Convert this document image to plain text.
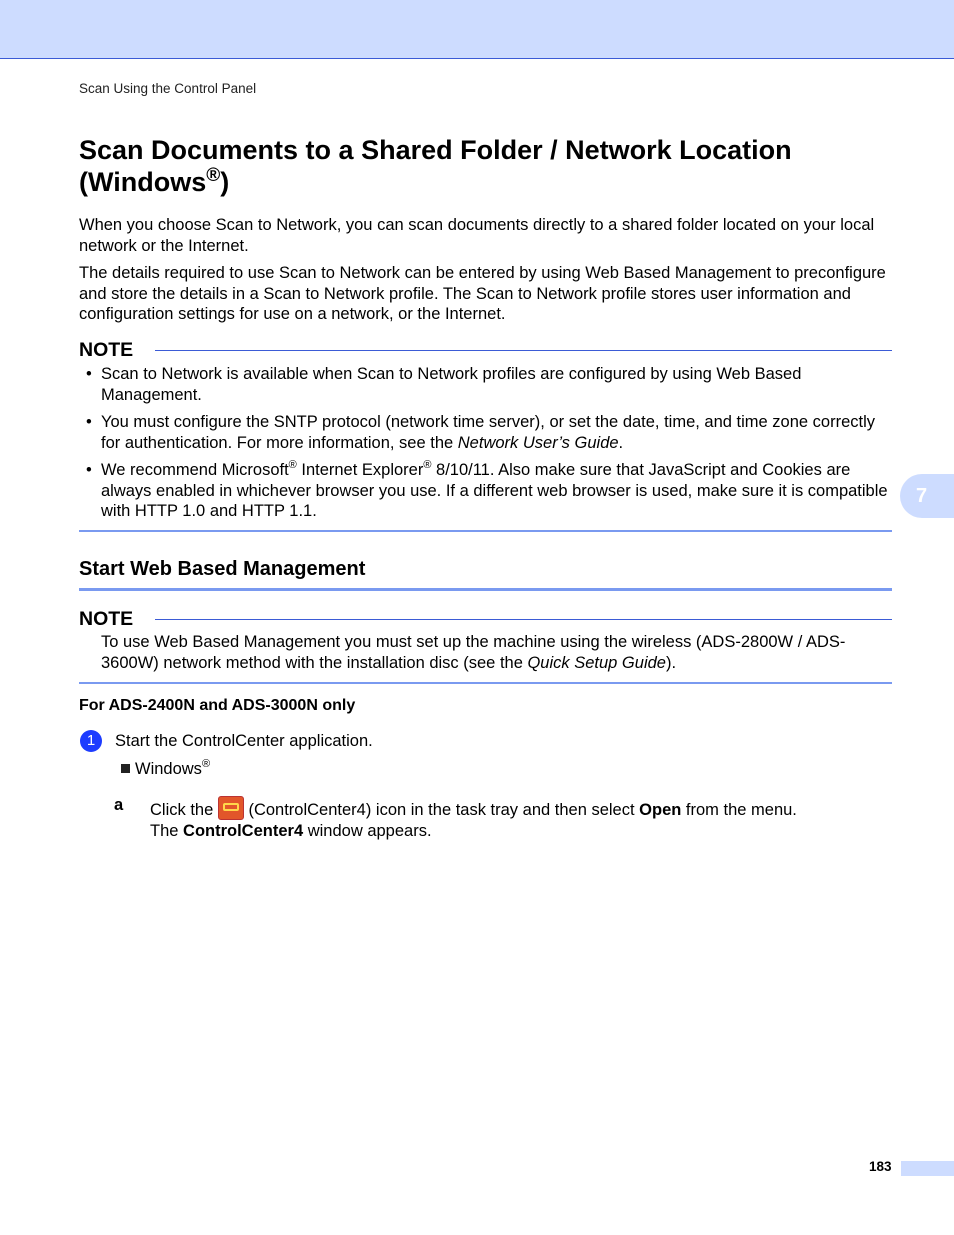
Scan Using the Control Panel
Scan Documents to a Shared Folder / Network Location
(Windows®)

When you choose Scan to Network, you can scan documents directly to a shared folder located on your local network or the Internet.

The details required to use Scan to Network can be entered by using Web Based Management to preconfigure and store the details in a Scan to Network profile. The Scan to Network profile stores user information and configuration settings for use on a network, or the Internet.

NOTE
• Scan to Network is available when Scan to Network profiles are configured by using Web Based Management.
• You must configure the SNTP protocol (network time server), or set the date, time, and time zone correctly for authentication. For more information, see the Network User’s Guide.
• We recommend Microsoft® Internet Explorer® 8/10/11. Also make sure that JavaScript and Cookies are always enabled in whichever browser you use. If a different web browser is used, make sure it is compatible with HTTP 1.0 and HTTP 1.1.
Start Web Based Management
NOTE

To use Web Based Management you must set up the machine using the wireless (ADS-2800W / ADS-3600W) network method with the installation disc (see the Quick Setup Guide).

For ADS-2400N and ADS-3000N only
1	Start the ControlCenter application.
Windows®
a Click the  (ControlCenter4) icon in the task tray and then select Open from the menu.
The ControlCenter4 window appears.
7
183
